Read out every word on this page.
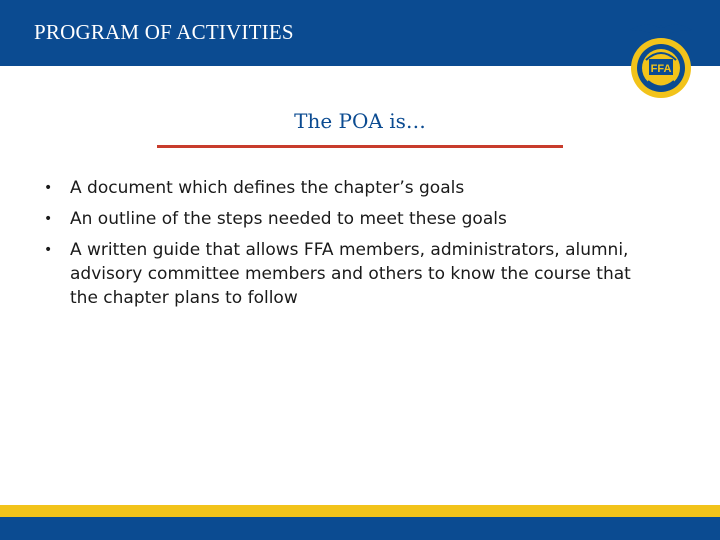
PROGRAM OF ACTIVITIES
FFA
The POA is…
• A document which defines the chapter’s goals
• An outline of the steps needed to meet these goals
• A written guide that allows FFA members, administrators, alumni, advisory committee members and others to know the course that the chapter plans to follow
